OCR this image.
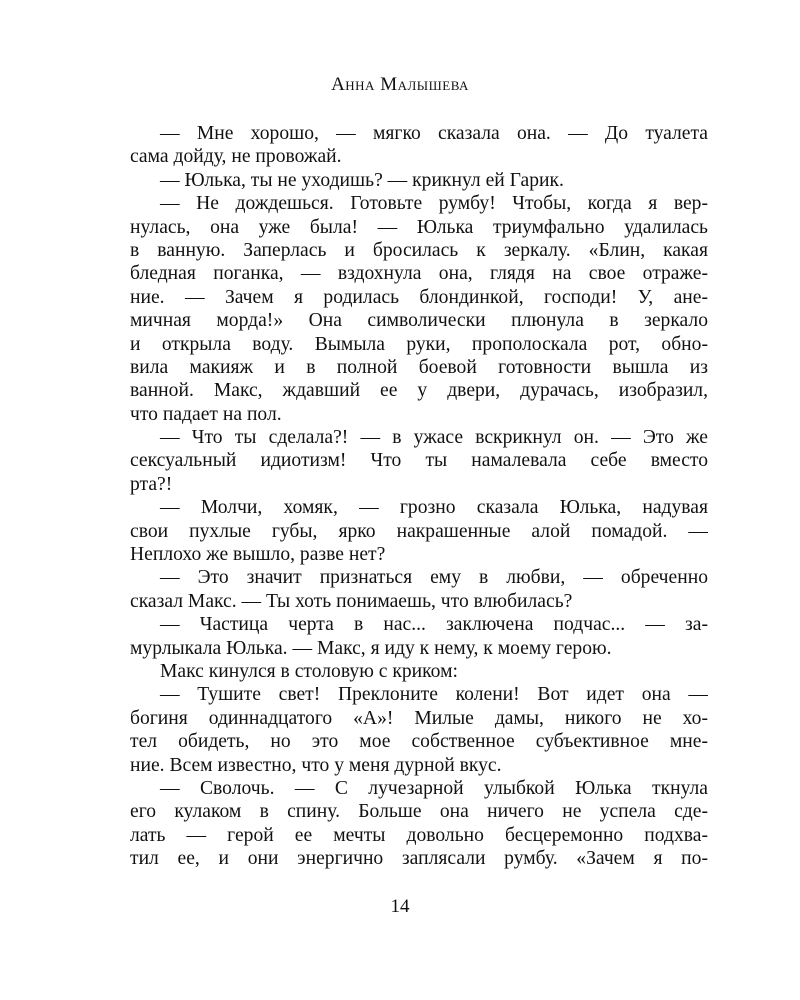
Анна Малышева
— Мне хорошо, — мягко сказала она. — До туалета
сама дойду, не провожай.
— Юлька, ты не уходишь? — крикнул ей Гарик.
— Не дождешься. Готовьте румбу! Чтобы, когда я вер-
нулась, она уже была! — Юлька триумфально удалилась
в ванную. Заперлась и бросилась к зеркалу. «Блин, какая
бледная поганка, — вздохнула она, глядя на свое отраже-
ние. — Зачем я родилась блондинкой, господи! У, ане-
мичная морда!» Она символически плюнула в зеркало
и открыла воду. Вымыла руки, прополоскала рот, обно-
вила макияж и в полной боевой готовности вышла из
ванной. Макс, ждавший ее у двери, дурачась, изобразил,
что падает на пол.
— Что ты сделала?! — в ужасе вскрикнул он. — Это же
сексуальный идиотизм! Что ты намалевала себе вместо
рта?!
— Молчи, хомяк, — грозно сказала Юлька, надувая
свои пухлые губы, ярко накрашенные алой помадой. —
Неплохо же вышло, разве нет?
— Это значит признаться ему в любви, — обреченно
сказал Макс. — Ты хоть понимаешь, что влюбилась?
— Частица черта в нас... заключена подчас... — за-
мурлыкала Юлька. — Макс, я иду к нему, к моему герою.
Макс кинулся в столовую с криком:
— Тушите свет! Преклоните колени! Вот идет она —
богиня одиннадцатого «А»! Милые дамы, никого не хо-
тел обидеть, но это мое собственное субъективное мне-
ние. Всем известно, что у меня дурной вкус.
— Сволочь. — С лучезарной улыбкой Юлька ткнула
его кулаком в спину. Больше она ничего не успела сде-
лать — герой ее мечты довольно бесцеремонно подхва-
тил ее, и они энергично заплясали румбу. «Зачем я по-
14
